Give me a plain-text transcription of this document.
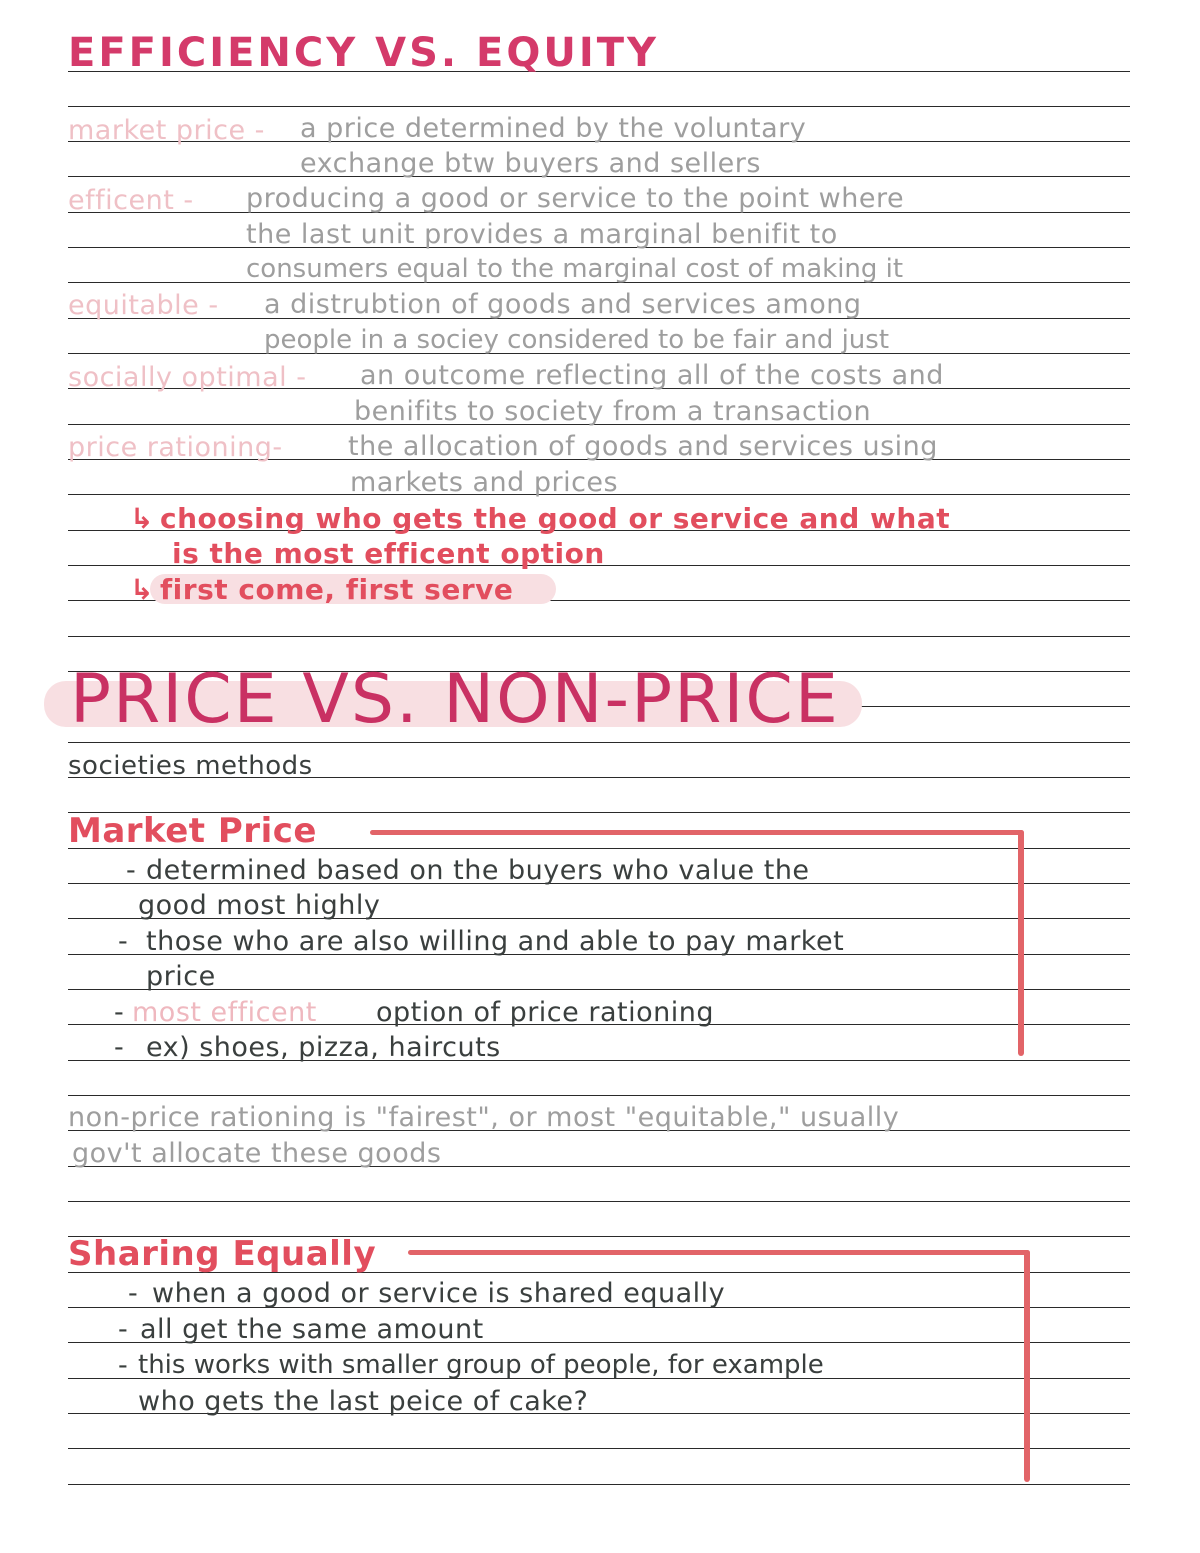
EFFICIENCY VS. EQUITY
market price - a price determined by the voluntary
exchange btw buyers and sellers
efficent - producing a good or service to the point where
the last unit provides a marginal benifit to
consumers equal to the marginal cost of making it
equitable - a distrubtion of goods and services among
people in a sociey considered to be fair and just
socially optimal - an outcome reflecting all of the costs and
benifits to society from a transaction
price rationing- the allocation of goods and services using
markets and prices
↳ choosing who gets the good or service and what
is the most efficent option
↳ first come, first serve
PRICE VS. NON-PRICE
societies methods
Market Price
- determined based on the buyers who value the
good most highly
- those who are also willing and able to pay market
price
- most efficent option of price rationing
- ex) shoes, pizza, haircuts
non-price rationing is "fairest", or most "equitable," usually
gov't allocate these goods
Sharing Equally
- when a good or service is shared equally
- all get the same amount
- this works with smaller group of people, for example
who gets the last peice of cake?
